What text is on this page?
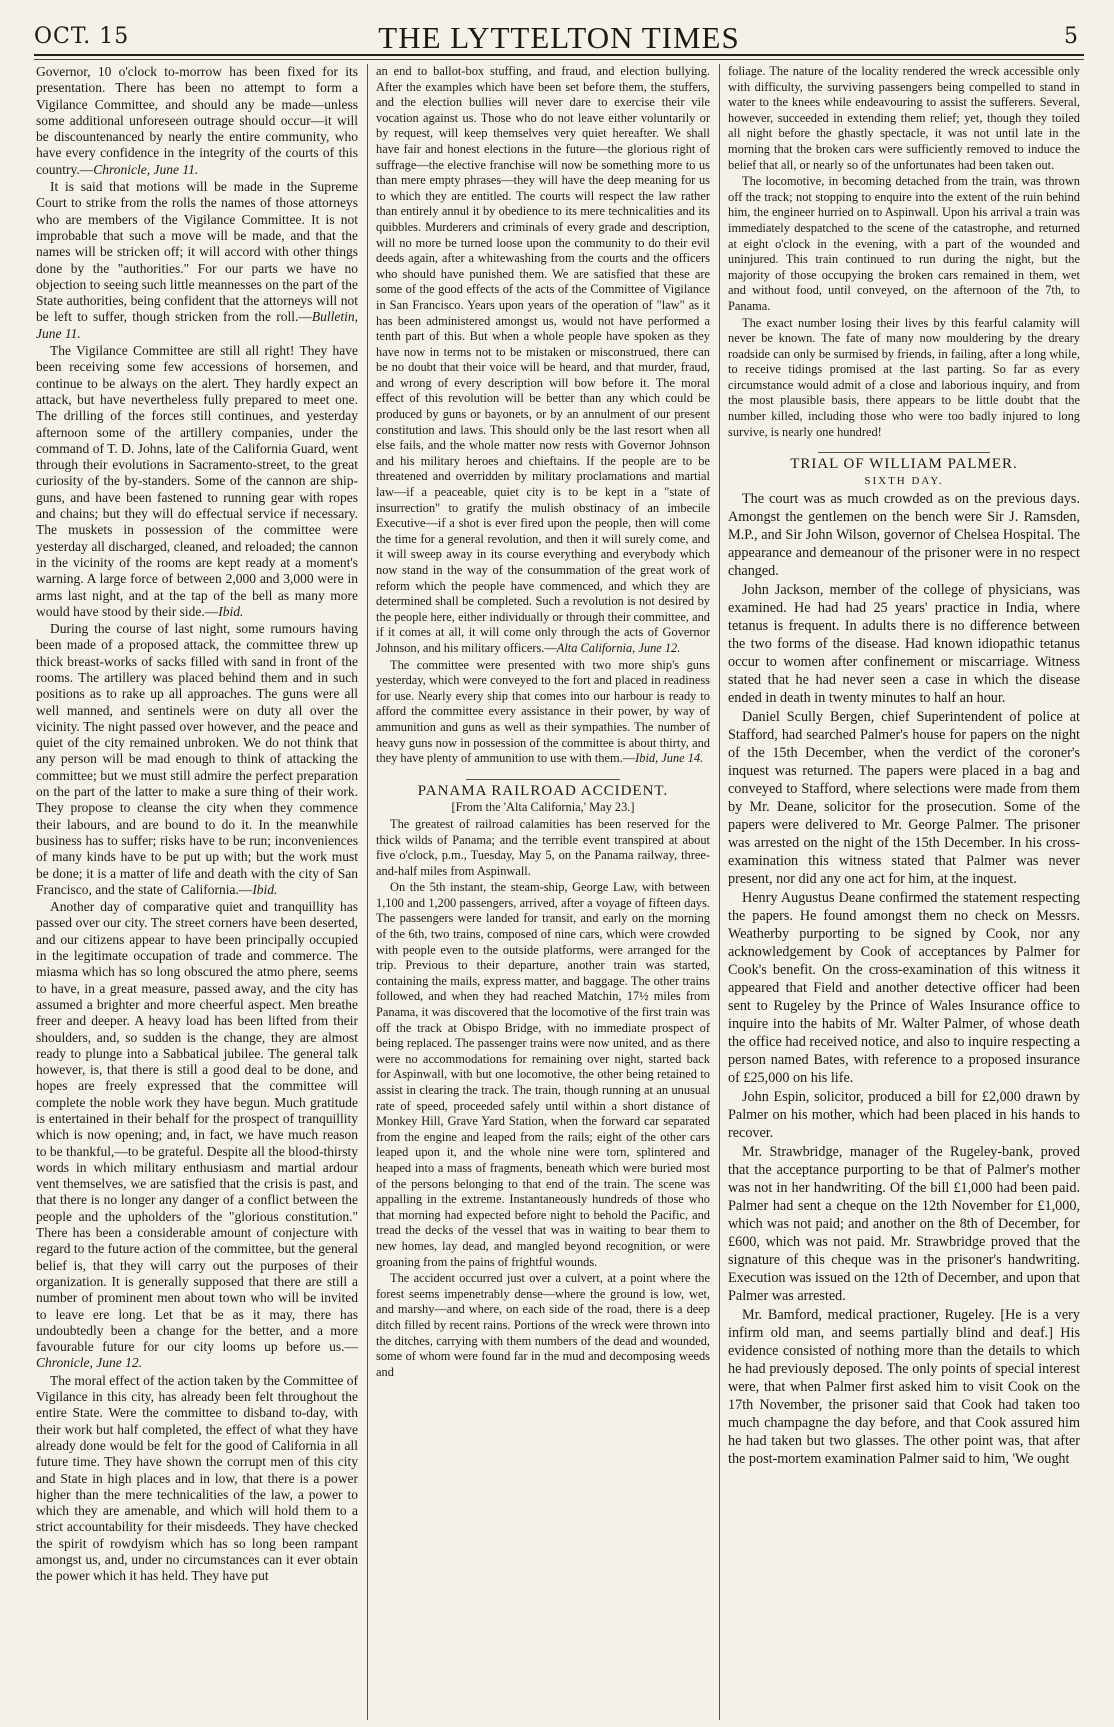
OCT. 15	THE LYTTELTON TIMES	5

Governor, 10 o'clock to-morrow has been fixed for its presentation. There has been no attempt to form a Vigilance Committee, and should any be made—unless some additional unforeseen outrage should occur—it will be discountenanced by nearly the entire community, who have every confidence in the integrity of the courts of this country.—Chronicle, June 11.

It is said that motions will be made in the Supreme Court to strike from the rolls the names of those attorneys who are members of the Vigilance Committee. It is not improbable that such a move will be made, and that the names will be stricken off; it will accord with other things done by the "authorities." For our parts we have no objection to seeing such little meannesses on the part of the State authorities, being confident that the attorneys will not be left to suffer, though stricken from the roll.—Bulletin, June 11.

The Vigilance Committee are still all right! They have been receiving some few accessions of horsemen, and continue to be always on the alert. They hardly expect an attack, but have nevertheless fully prepared to meet one. The drilling of the forces still continues, and yesterday afternoon some of the artillery companies, under the command of T. D. Johns, late of the California Guard, went through their evolutions in Sacramento-street, to the great curiosity of the by-standers. Some of the cannon are ship-guns, and have been fastened to running gear with ropes and chains; but they will do effectual service if necessary. The muskets in possession of the committee were yesterday all discharged, cleaned, and reloaded; the cannon in the vicinity of the rooms are kept ready at a moment's warning. A large force of between 2,000 and 3,000 were in arms last night, and at the tap of the bell as many more would have stood by their side.—Ibid.

During the course of last night, some rumours having been made of a proposed attack, the committee threw up thick breast-works of sacks filled with sand in front of the rooms. The artillery was placed behind them and in such positions as to rake up all approaches. The guns were all well manned, and sentinels were on duty all over the vicinity. The night passed over however, and the peace and quiet of the city remained unbroken. We do not think that any person will be mad enough to think of attacking the committee; but we must still admire the perfect preparation on the part of the latter to make a sure thing of their work. They propose to cleanse the city when they commence their labours, and are bound to do it. In the meanwhile business has to suffer; risks have to be run; inconveniences of many kinds have to be put up with; but the work must be done; it is a matter of life and death with the city of San Francisco, and the state of California.—Ibid.

Another day of comparative quiet and tranquillity has passed over our city. The street corners have been deserted, and our citizens appear to have been principally occupied in the legitimate occupation of trade and commerce. The miasma which has so long obscured the atmo phere, seems to have, in a great measure, passed away, and the city has assumed a brighter and more cheerful aspect. Men breathe freer and deeper. A heavy load has been lifted from their shoulders, and, so sudden is the change, they are almost ready to plunge into a Sabbatical jubilee. The general talk however, is, that there is still a good deal to be done, and hopes are freely expressed that the committee will complete the noble work they have begun. Much gratitude is entertained in their behalf for the prospect of tranquillity which is now opening; and, in fact, we have much reason to be thankful,—to be grateful. Despite all the blood-thirsty words in which military enthusiasm and martial ardour vent themselves, we are satisfied that the crisis is past, and that there is no longer any danger of a conflict between the people and the upholders of the "glorious constitution." There has been a considerable amount of conjecture with regard to the future action of the committee, but the general belief is, that they will carry out the purposes of their organization. It is generally supposed that there are still a number of prominent men about town who will be invited to leave ere long. Let that be as it may, there has undoubtedly been a change for the better, and a more favourable future for our city looms up before us.—Chronicle, June 12.

The moral effect of the action taken by the Committee of Vigilance in this city, has already been felt throughout the entire State. Were the committee to disband to-day, with their work but half completed, the effect of what they have already done would be felt for the good of California in all future time. They have shown the corrupt men of this city and State in high places and in low, that there is a power higher than the mere technicalities of the law, a power to which they are amenable, and which will hold them to a strict accountability for their misdeeds. They have checked the spirit of rowdyism which has so long been rampant amongst us, and, under no circumstances can it ever obtain the power which it has held. They have put

an end to ballot-box stuffing, and fraud, and election bullying. After the examples which have been set before them, the stuffers, and the election bullies will never dare to exercise their vile vocation against us. Those who do not leave either voluntarily or by request, will keep themselves very quiet hereafter. We shall have fair and honest elections in the future—the glorious right of suffrage—the elective franchise will now be something more to us than mere empty phrases—they will have the deep meaning for us to which they are entitled. The courts will respect the law rather than entirely annul it by obedience to its mere technicalities and its quibbles. Murderers and criminals of every grade and description, will no more be turned loose upon the community to do their evil deeds again, after a whitewashing from the courts and the officers who should have punished them. We are satisfied that these are some of the good effects of the acts of the Committee of Vigilance in San Francisco. Years upon years of the operation of "law" as it has been administered amongst us, would not have performed a tenth part of this. But when a whole people have spoken as they have now in terms not to be mistaken or misconstrued, there can be no doubt that their voice will be heard, and that murder, fraud, and wrong of every description will bow before it. The moral effect of this revolution will be better than any which could be produced by guns or bayonets, or by an annulment of our present constitution and laws. This should only be the last resort when all else fails, and the whole matter now rests with Governor Johnson and his military heroes and chieftains. If the people are to be threatened and overridden by military proclamations and martial law—if a peaceable, quiet city is to be kept in a "state of insurrection" to gratify the mulish obstinacy of an imbecile Executive—if a shot is ever fired upon the people, then will come the time for a general revolution, and then it will surely come, and it will sweep away in its course everything and everybody which now stand in the way of the consummation of the great work of reform which the people have commenced, and which they are determined shall be completed. Such a revolution is not desired by the people here, either individually or through their committee, and if it comes at all, it will come only through the acts of Governor Johnson, and his military officers.—Alta California, June 12.

The committee were presented with two more ship's guns yesterday, which were conveyed to the fort and placed in readiness for use. Nearly every ship that comes into our harbour is ready to afford the committee every assistance in their power, by way of ammunition and guns as well as their sympathies. The number of heavy guns now in possession of the committee is about thirty, and they have plenty of ammunition to use with them.—Ibid, June 14.

PANAMA RAILROAD ACCIDENT.

[From the 'Alta California,' May 23.]

The greatest of railroad calamities has been reserved for the thick wilds of Panama; and the terrible event transpired at about five o'clock, p.m., Tuesday, May 5, on the Panama railway, three-and-half miles from Aspinwall.

On the 5th instant, the steam-ship, George Law, with between 1,100 and 1,200 passengers, arrived, after a voyage of fifteen days. The passengers were landed for transit, and early on the morning of the 6th, two trains, composed of nine cars, which were crowded with people even to the outside platforms, were arranged for the trip. Previous to their departure, another train was started, containing the mails, express matter, and baggage. The other trains followed, and when they had reached Matchin, 17½ miles from Panama, it was discovered that the locomotive of the first train was off the track at Obispo Bridge, with no immediate prospect of being replaced. The passenger trains were now united, and as there were no accommodations for remaining over night, started back for Aspinwall, with but one locomotive, the other being retained to assist in clearing the track. The train, though running at an unusual rate of speed, proceeded safely until within a short distance of Monkey Hill, Grave Yard Station, when the forward car separated from the engine and leaped from the rails; eight of the other cars leaped upon it, and the whole nine were torn, splintered and heaped into a mass of fragments, beneath which were buried most of the persons belonging to that end of the train. The scene was appalling in the extreme. Instantaneously hundreds of those who that morning had expected before night to behold the Pacific, and tread the decks of the vessel that was in waiting to bear them to new homes, lay dead, and mangled beyond recognition, or were groaning from the pains of frightful wounds.

The accident occurred just over a culvert, at a point where the forest seems impenetrably dense—where the ground is low, wet, and marshy—and where, on each side of the road, there is a deep ditch filled by recent rains. Portions of the wreck were thrown into the ditches, carrying with them numbers of the dead and wounded, some of whom were found far in the mud and decomposing weeds and

foliage. The nature of the locality rendered the wreck accessible only with difficulty, the surviving passengers being compelled to stand in water to the knees while endeavouring to assist the sufferers. Several, however, succeeded in extending them relief; yet, though they toiled all night before the ghastly spectacle, it was not until late in the morning that the broken cars were sufficiently removed to induce the belief that all, or nearly so of the unfortunates had been taken out.

The locomotive, in becoming detached from the train, was thrown off the track; not stopping to enquire into the extent of the ruin behind him, the engineer hurried on to Aspinwall. Upon his arrival a train was immediately despatched to the scene of the catastrophe, and returned at eight o'clock in the evening, with a part of the wounded and uninjured. This train continued to run during the night, but the majority of those occupying the broken cars remained in them, wet and without food, until conveyed, on the afternoon of the 7th, to Panama.

The exact number losing their lives by this fearful calamity will never be known. The fate of many now mouldering by the dreary roadside can only be surmised by friends, in failing, after a long while, to receive tidings promised at the last parting. So far as every circumstance would admit of a close and laborious inquiry, and from the most plausible basis, there appears to be little doubt that the number killed, including those who were too badly injured to long survive, is nearly one hundred!

TRIAL OF WILLIAM PALMER.

SIXTH DAY.

The court was as much crowded as on the previous days. Amongst the gentlemen on the bench were Sir J. Ramsden, M.P., and Sir John Wilson, governor of Chelsea Hospital. The appearance and demeanour of the prisoner were in no respect changed.

John Jackson, member of the college of physicians, was examined. He had had 25 years' practice in India, where tetanus is frequent. In adults there is no difference between the two forms of the disease. Had known idiopathic tetanus occur to women after confinement or miscarriage. Witness stated that he had never seen a case in which the disease ended in death in twenty minutes to half an hour.

Daniel Scully Bergen, chief Superintendent of police at Stafford, had searched Palmer's house for papers on the night of the 15th December, when the verdict of the coroner's inquest was returned. The papers were placed in a bag and conveyed to Stafford, where selections were made from them by Mr. Deane, solicitor for the prosecution. Some of the papers were delivered to Mr. George Palmer. The prisoner was arrested on the night of the 15th December. In his cross-examination this witness stated that Palmer was never present, nor did any one act for him, at the inquest.

Henry Augustus Deane confirmed the statement respecting the papers. He found amongst them no check on Messrs. Weatherby purporting to be signed by Cook, nor any acknowledgement by Cook of acceptances by Palmer for Cook's benefit. On the cross-examination of this witness it appeared that Field and another detective officer had been sent to Rugeley by the Prince of Wales Insurance office to inquire into the habits of Mr. Walter Palmer, of whose death the office had received notice, and also to inquire respecting a person named Bates, with reference to a proposed insurance of £25,000 on his life.

John Espin, solicitor, produced a bill for £2,000 drawn by Palmer on his mother, which had been placed in his hands to recover.

Mr. Strawbridge, manager of the Rugeley-bank, proved that the acceptance purporting to be that of Palmer's mother was not in her handwriting. Of the bill £1,000 had been paid. Palmer had sent a cheque on the 12th November for £1,000, which was not paid; and another on the 8th of December, for £600, which was not paid. Mr. Strawbridge proved that the signature of this cheque was in the prisoner's handwriting. Execution was issued on the 12th of December, and upon that Palmer was arrested.

Mr. Bamford, medical practioner, Rugeley. [He is a very infirm old man, and seems partially blind and deaf.] His evidence consisted of nothing more than the details to which he had previously deposed. The only points of special interest were, that when Palmer first asked him to visit Cook on the 17th November, the prisoner said that Cook had taken too much champagne the day before, and that Cook assured him he had taken but two glasses. The other point was, that after the post-mortem examination Palmer said to him, 'We ought
